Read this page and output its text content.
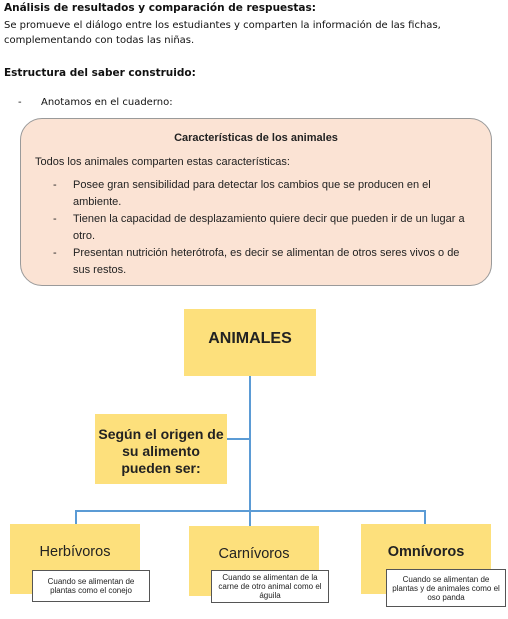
Análisis de resultados y comparación de respuestas:
Se promueve el diálogo entre los estudiantes y comparten la información de las fichas,
complementando con todas las niñas.
Estructura del saber construido:
- Anotamos en el cuaderno:
Características de los animales
Todos los animales comparten estas características:
- Posee gran sensibilidad para detectar los cambios que se producen en el ambiente.
- Tienen la capacidad de desplazamiento quiere decir que pueden ir de un lugar a otro.
- Presentan nutrición heterótrofa, es decir se alimentan de otros seres vivos o de sus restos.
ANIMALES
Según el origen de
su alimento
pueden ser:
Herbívoros
Cuando se alimentan de
plantas como el conejo
Carnívoros
Cuando se alimentan de la
carne de otro animal como el
águila
Omnívoros
Cuando se alimentan de
plantas y de animales como el
oso panda
